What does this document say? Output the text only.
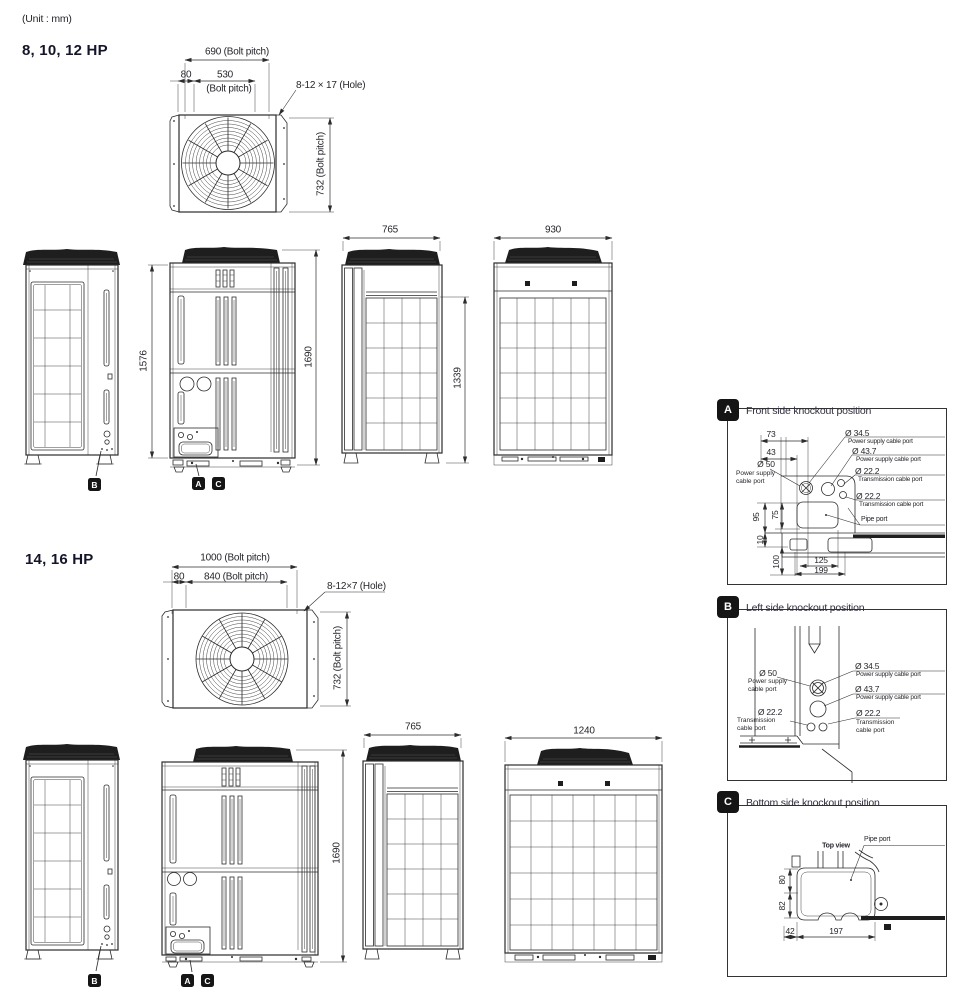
(Unit : mm)
8, 10, 12 HP	690 (Bolt pitch)
80	530
(Bolt pitch)	8-12 × 17 (Hole)
732 (Bolt pitch)
1576	1690
765
1339
930
B	A	C
14, 16 HP	1000 (Bolt pitch)
80 840 (Bolt pitch)
8-12×7 (Hole)
732 (Bolt pitch)
1690
765	1240
B	A	C
A	Front side knockout position
73
43
Ø 50
Power supply cable port
Ø 34.5
Power supply cable port
Ø 43.7
Power supply cable port
Ø 22.2
Transmission cable port
Ø 22.2
Transmission cable port
Pipe port
95 75
10
100	125
199
B	Left side knockout position
Ø 50
Power supply cable port
Ø 34.5
Power supply cable port
Ø 43.7
Power supply cable port
Ø 22.2
Transmission cable port
Ø 22.2
Transmission cable port
C	Bottom side knockout position
Top view
Pipe port
80
82
42	197
